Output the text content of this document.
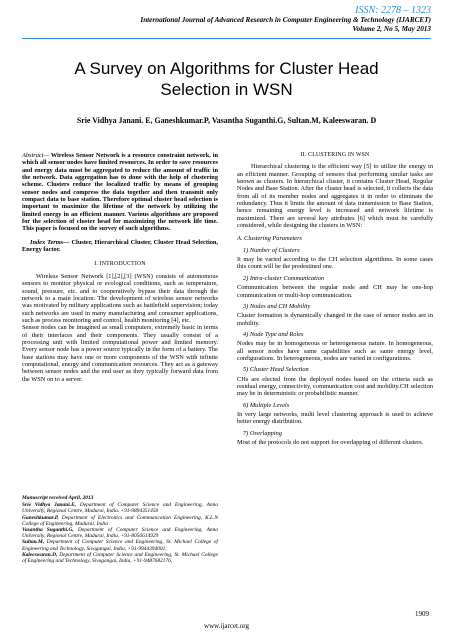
ISSN: 2278 – 1323
International Journal of Advanced Research in Computer Engineering & Technology (IJARCET)
Volume 2, No 5, May 2013
A Survey on Algorithms for Cluster Head
Selection in WSN
Srie Vidhya Janani. E, Ganeshkumar.P, Vasantha Suganthi.G, Sultan.M, Kaleeswaran. D

Abstract— Wireless Sensor Network is a resource constraint network, in which all sensor nodes have limited resources. In order to save resources and energy data must be aggregated to reduce the amount of traffic in the network. Data aggregation has to done with the help of clustering scheme. Clusters reduce the localized traffic by means of grouping sensor nodes and compress the data together and then transmit only compact data to base station. Therefore optimal cluster head selection is important to maximize the lifetime of the network by utilizing the limited energy in an efficient manner. Various algorithms are proposed for the selection of cluster head for maximizing the network life time. This paper is focused on the survey of such algorithms.

Index Terms— Cluster, Hierarchical Cluster, Cluster Head Selection, Energy factor.

I. INTRODUCTION

Wireless Sensor Network [1],[2],[3] (WSN) consists of autonomous sensors to monitor physical or ecological conditions, such as temperature, sound, pressure, etc. and to cooperatively bypass their data through the network to a main location. The development of wireless sensor networks was motivated by military applications such as battlefield supervision; today such networks are used in many manufacturing and consumer applications, such as process monitoring and control, health monitoring [4], etc.

Sensor nodes can be imagined as small computers, extremely basic in terms of their interfaces and their components. They usually consist of a processing unit with limited computational power and limited memory. Every sensor node has a power source typically in the form of a battery. The base stations may have one or more components of the WSN with infinite computational, energy and communication resources. They act as a gateway between sensor nodes and the end user as they typically forward data from the WSN on to a server.

Manuscript received April, 2013

Srie Vidhya Janani.E, Department of Computer Science and Engineering, Anna University, Regional Centre, Madurai, India. +91-9894351450

Ganeshkumar.P, Department of Electronics and Communication Engineering, K.L.N College of Engineering, Madurai, India

Vasantha Suganthi.G, Department of Computer Science and Engineering, Anna University, Regional Centre, Madurai, India. +91-8056614929

Sultan.M, Department of Computer Science and Engineering, St. Michael College of Engineering and Technology, Sivagangai, India, +91-9944394001,

Kaleeswaran.D, Department of Computer Science and Engineering, St. Michael College of Engineering and Technology, Sivagangai, India, +91-9487682176,

II. CLUSTERING IN WSN

Hierarchical clustering is the efficient way [5] to utilize the energy in an efficient manner. Grouping of sensors that performing similar tasks are known as clusters. In hierarchical cluster, it contains Cluster Head, Regular Nodes and Base Station. After the cluster head is selected, it collects the data from all of its member nodes and aggregates it in order to eliminate the redundancy. Thus it limits the amount of data transmission to Base Station, hence remaining energy level is increased and network lifetime is maximized. There are several key attributes [6] which must be carefully considered, while designing the clusters in WSN:

A. Clustering Parameters

1) Number of Clusters

It may be varied according to the CH selection algorithms. In some cases this count will be the predestined one.

2) Intra-cluster Communication

Communication between the regular node and CH may be one-hop communication or multi-hop communication.

3) Nodes and CH Mobility

Cluster formation is dynamically changed in the case of sensor nodes are in mobility.

4) Node Type and Roles

Nodes may be in homogeneous or heterogeneous nature. In homogeneous, all sensor nodes have same capabilities such as same energy level, configurations. In heterogeneous, nodes are varied in configurations.

5) Cluster Head Selection

CHs are elected from the deployed nodes based on the criteria such as residual energy, connectivity, communication cost and mobility.CH selection may be in deterministic or probabilistic manner.

6) Multiple Levels

In very large networks, multi level clustering approach is used to achieve better energy distribution.

7) Overlapping

Most of the protocols do not support for overlapping of different clusters.

1909
www.ijarcet.org
